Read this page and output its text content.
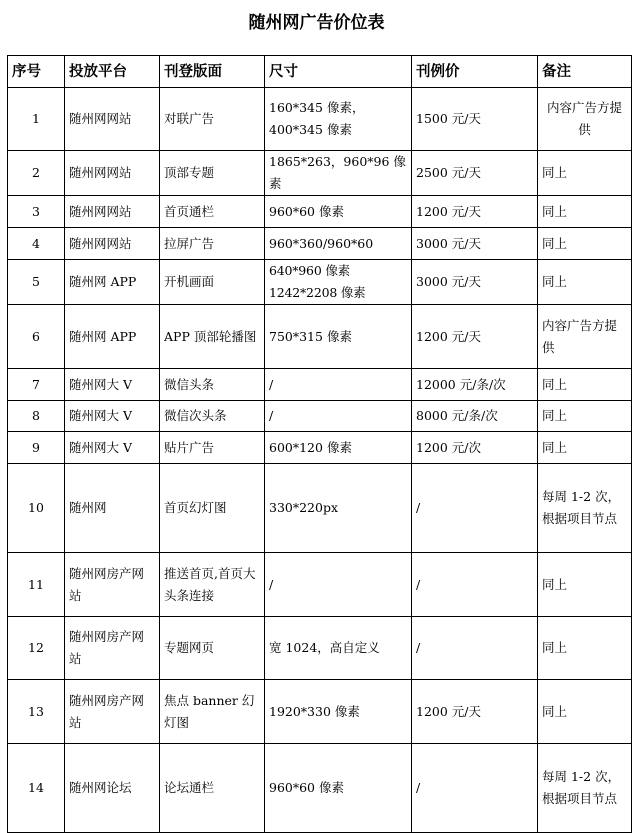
随州网广告价位表
序号	投放平台	刊登版面	尺寸	刊例价	备注
1	随州网网站	对联广告	160*345 像素，400*345 像素	1500 元/天	内容广告方提供
2	随州网网站	顶部专题	1865*263，960*96 像素	2500 元/天	同上
3	随州网网站	首页通栏	960*60 像素	1200 元/天	同上
4	随州网网站	拉屏广告	960*360/960*60	3000 元/天	同上
5	随州网 APP	开机画面	640*960 像素 1242*2208 像素	3000 元/天	同上
6	随州网 APP	APP 顶部轮播图	750*315 像素	1200 元/天	内容广告方提供
7	随州网大 V	微信头条	/	12000 元/条/次	同上
8	随州网大 V	微信次头条	/	8000 元/条/次	同上
9	随州网大 V	贴片广告	600*120 像素	1200 元/次	同上
10	随州网	首页幻灯图	330*220px	/	每周 1-2 次，根据项目节点
11	随州网房产网站	推送首页,首页大头条连接	/	/	同上
12	随州网房产网站	专题网页	宽 1024，高自定义	/	同上
13	随州网房产网站	焦点 banner 幻灯图	1920*330 像素	1200 元/天	同上
14	随州网论坛	论坛通栏	960*60 像素	/	每周 1-2 次，根据项目节点
